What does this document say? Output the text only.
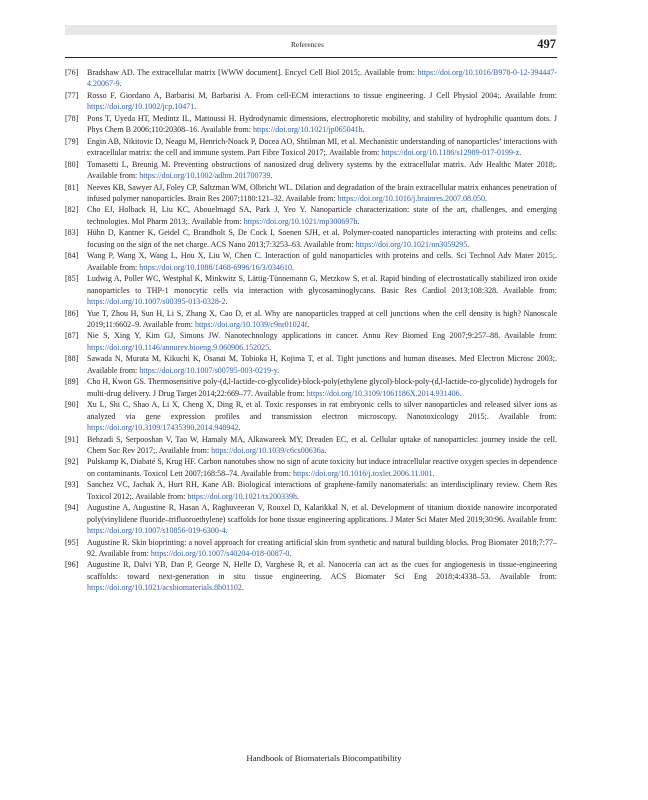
References	497
[76] Bradshaw AD. The extracellular matrix [WWW document]. Encycl Cell Biol 2015;. Available from: https://doi.org/10.1016/B978-0-12-394447-4.20067-9.
[77] Rosso F, Giordano A, Barbarisi M, Barbarisi A. From cell-ECM interactions to tissue engineering. J Cell Physiol 2004;. Available from: https://doi.org/10.1002/jcp.10471.
[78] Pons T, Uyeda HT, Medintz IL, Mattoussi H. Hydrodynamic dimensions, electrophoretic mobility, and stability of hydrophilic quantum dots. J Phys Chem B 2006;110:20308–16. Available from: https://doi.org/10.1021/jp065041h.
[79] Engin AB, Nikitovic D, Neagu M, Henrich-Noack P, Docea AO, Shtilman MI, et al. Mechanistic understanding of nanoparticles’ interactions with extracellular matrix: the cell and immune system. Part Fibre Toxicol 2017;. Available from: https://doi.org/10.1186/s12989-017-0199-z.
[80] Tomasetti L, Breunig M. Preventing obstructions of nanosized drug delivery systems by the extracellular matrix. Adv Healthc Mater 2018;. Available from: https://doi.org/10.1002/adhm.201700739.
[81] Neeves KB, Sawyer AJ, Foley CP, Saltzman WM, Olbricht WL. Dilation and degradation of the brain extracellular matrix enhances penetration of infused polymer nanoparticles. Brain Res 2007;1180:121–32. Available from: https://doi.org/10.1016/j.brainres.2007.08.050.
[82] Cho EJ, Holback H, Liu KC, Abouelmagd SA, Park J, Yeo Y. Nanoparticle characterization: state of the art, challenges, and emerging technologies. Mol Pharm 2013;. Available from: https://doi.org/10.1021/mp300697h.
[83] Hühn D, Kantner K, Geidel C, Brandholt S, De Cock I, Soenen SJH, et al. Polymer-coated nanoparticles interacting with proteins and cells: focusing on the sign of the net charge. ACS Nano 2013;7:3253–63. Available from: https://doi.org/10.1021/nn3059295.
[84] Wang P, Wang X, Wang L, Hou X, Liu W, Chen C. Interaction of gold nanoparticles with proteins and cells. Sci Technol Adv Mater 2015;. Available from: https://doi.org/10.1088/1468-6996/16/3/034610.
[85] Ludwig A, Poller WC, Westphal K, Minkwitz S, Lättig-Tünnemann G, Metzkow S, et al. Rapid binding of electrostatically stabilized iron oxide nanoparticles to THP-1 monocytic cells via interaction with glycosaminoglycans. Basic Res Cardiol 2013;108:328. Available from: https://doi.org/10.1007/s00395-013-0328-2.
[86] Yue T, Zhou H, Sun H, Li S, Zhang X, Cao D, et al. Why are nanoparticles trapped at cell junctions when the cell density is high? Nanoscale 2019;11:6602–9. Available from: https://doi.org/10.1039/c9nr01024f.
[87] Nie S, Xing Y, Kim GJ, Simons JW. Nanotechnology applications in cancer. Annu Rev Biomed Eng 2007;9:257–88. Available from: https://doi.org/10.1146/annurev.bioeng.9.060906.152025.
[88] Sawada N, Murata M, Kikuchi K, Osanai M, Tobioka H, Kojima T, et al. Tight junctions and human diseases. Med Electron Microsc 2003;. Available from: https://doi.org/10.1007/s00795-003-0219-y.
[89] Cho H, Kwon GS. Thermosensitive poly-(d,l-lactide-co-glycolide)-block-poly(ethylene glycol)-block-poly-(d,l-lactide-co-glycolide) hydrogels for multi-drug delivery. J Drug Target 2014;22:669–77. Available from: https://doi.org/10.3109/1061186X.2014.931406.
[90] Xu L, Shi C, Shao A, Li X, Cheng X, Ding R, et al. Toxic responses in rat embryonic cells to silver nanoparticles and released silver ions as analyzed via gene expression profiles and transmission electron microscopy. Nanotoxicology 2015;. Available from: https://doi.org/10.3109/17435390.2014.948942.
[91] Behzadi S, Serpooshan V, Tao W, Hamaly MA, Alkawareek MY, Dreaden EC, et al. Cellular uptake of nanoparticles: journey inside the cell. Chem Soc Rev 2017;. Available from: https://doi.org/10.1039/c6cs00636a.
[92] Pulskamp K, Diabaté S, Krug HF. Carbon nanotubes show no sign of acute toxicity but induce intracellular reactive oxygen species in dependence on contaminants. Toxicol Lett 2007;168:58–74. Available from: https://doi.org/10.1016/j.toxlet.2006.11.001.
[93] Sanchez VC, Jachak A, Hurt RH, Kane AB. Biological interactions of graphene-family nanomaterials: an interdisciplinary review. Chem Res Toxicol 2012;. Available from: https://doi.org/10.1021/tx200339h.
[94] Augustine A, Augustine R, Hasan A, Raghuveeran V, Rouxel D, Kalarikkal N, et al. Development of titanium dioxide nanowire incorporated poly(vinylidene fluoride–trifluoroethylene) scaffolds for bone tissue engineering applications. J Mater Sci Mater Med 2019;30:96. Available from: https://doi.org/10.1007/s10856-019-6300-4.
[95] Augustine R. Skin bioprinting: a novel approach for creating artificial skin from synthetic and natural building blocks. Prog Biomater 2018;7:77–92. Available from: https://doi.org/10.1007/s40204-018-0087-0.
[96] Augustine R, Dalvi YB, Dan P, George N, Helle D, Varghese R, et al. Nanoceria can act as the cues for angiogenesis in tissue-engineering scaffolds: toward next-generation in situ tissue engineering. ACS Biomater Sci Eng 2018;4:4338–53. Available from: https://doi.org/10.1021/acsbiomaterials.8b01102.
Handbook of Biomaterials Biocompatibility
